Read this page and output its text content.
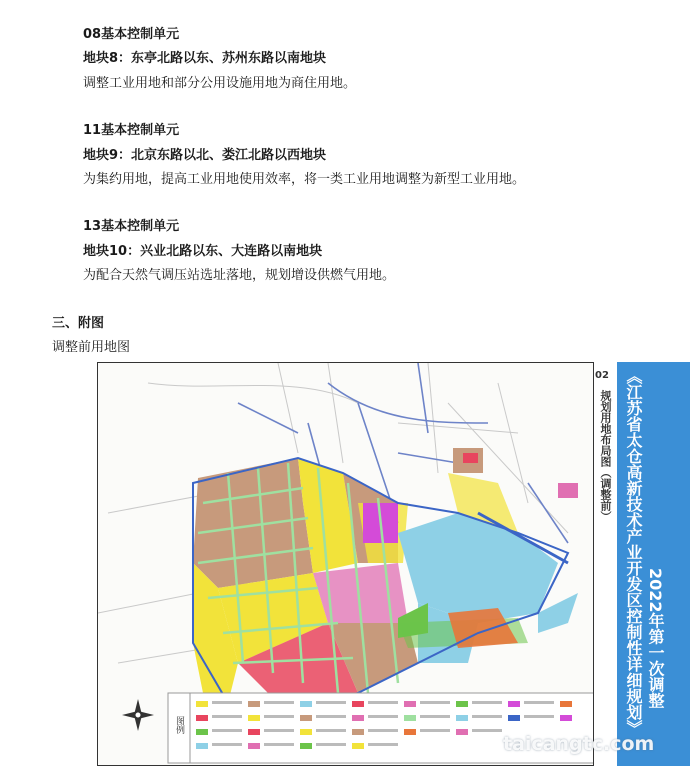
08基本控制单元
地块8：东亭北路以东、苏州东路以南地块
调整工业用地和部分公用设施用地为商住用地。
11基本控制单元
地块9：北京东路以北、娄江北路以西地块
为集约用地，提高工业用地使用效率，将一类工业用地调整为新型工业用地。
13基本控制单元
地块10：兴业北路以东、大连路以南地块
为配合天然气调压站选址落地，规划增设供燃气用地。
三、附图
调整前用地图
图例
02
规划用地布局图（调整前） 《江苏省太仓高新技术产业开发区控制性详细规划》 2022年第一次调整
taicangtc.com
